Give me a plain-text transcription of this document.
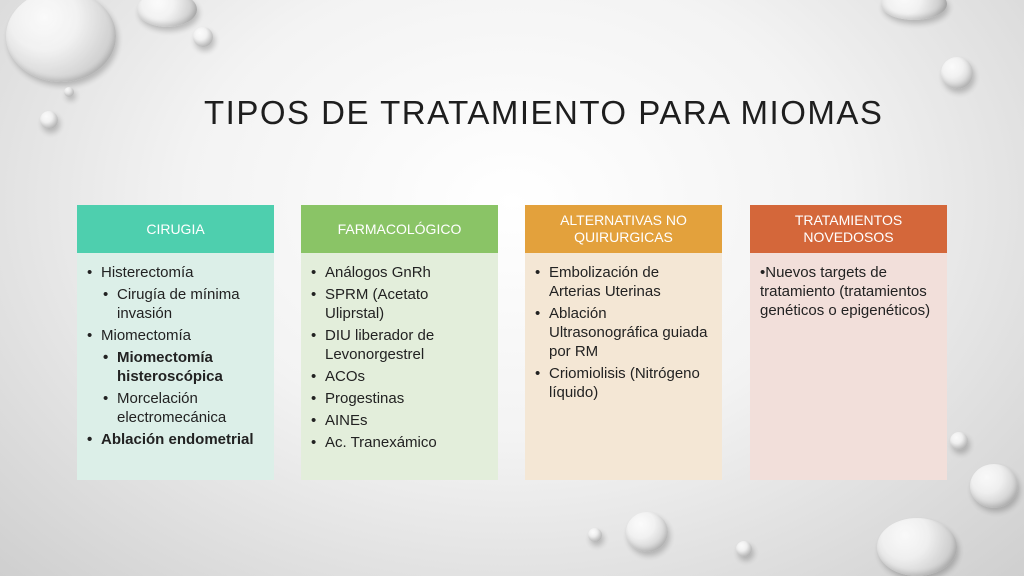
TIPOS DE TRATAMIENTO PARA MIOMAS
CIRUGIA
• Histerectomía
• Cirugía de mínima invasión
• Miomectomía
• Miomectomía histeroscópica
• Morcelación electromecánica
• Ablación endometrial
FARMACOLÓGICO
• Análogos GnRh
• SPRM (Acetato Uliprstal)
• DIU liberador de Levonorgestrel
• ACOs
• Progestinas
• AINEs
• Ac. Tranexámico
ALTERNATIVAS NO QUIRURGICAS
• Embolización de Arterias Uterinas
• Ablación Ultrasonográfica guiada por RM
• Criomiolisis (Nitrógeno líquido)
TRATAMIENTOS NOVEDOSOS
•Nuevos targets de tratamiento (tratamientos genéticos o epigenéticos)
